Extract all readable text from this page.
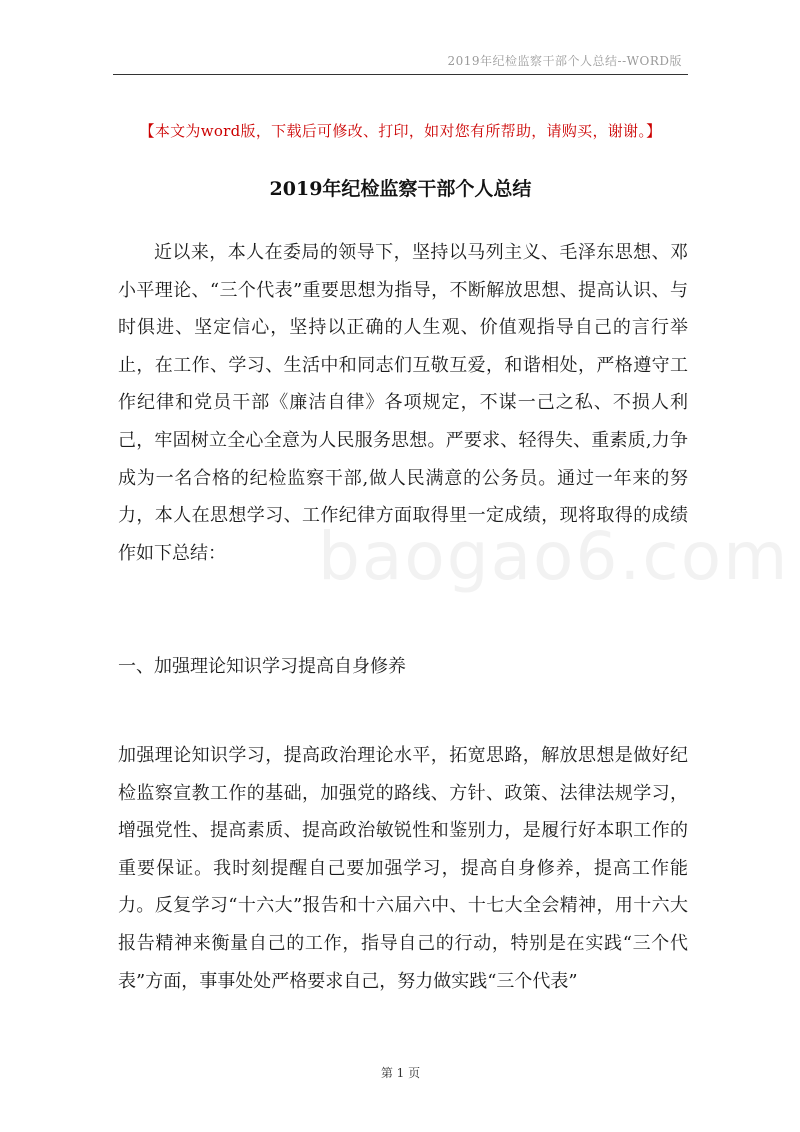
2019年纪检监察干部个人总结--WORD版
【本文为word版，下载后可修改、打印，如对您有所帮助，请购买，谢谢。】
2019年纪检监察干部个人总结

近以来，本人在委局的领导下，坚持以马列主义、毛泽东思想、邓小平理论、“三个代表”重要思想为指导，不断解放思想、提高认识、与时俱进、坚定信心，坚持以正确的人生观、价值观指导自己的言行举止，在工作、学习、生活中和同志们互敬互爱，和谐相处，严格遵守工作纪律和党员干部《廉洁自律》各项规定，不谋一己之私、不损人利己，牢固树立全心全意为人民服务思想。严要求、轻得失、重素质,力争成为一名合格的纪检监察干部,做人民满意的公务员。通过一年来的努力，本人在思想学习、工作纪律方面取得里一定成绩，现将取得的成绩作如下总结：	baogao6.com
一、加强理论知识学习提高自身修养

加强理论知识学习，提高政治理论水平，拓宽思路，解放思想是做好纪检监察宣教工作的基础，加强党的路线、方针、政策、法律法规学习，增强党性、提高素质、提高政治敏锐性和鉴别力，是履行好本职工作的重要保证。我时刻提醒自己要加强学习，提高自身修养，提高工作能力。反复学习“十六大”报告和十六届六中、十七大全会精神，用十六大报告精神来衡量自己的工作，指导自己的行动，特别是在实践“三个代表”方面，事事处处严格要求自己，努力做实践“三个代表”

第 1 页
